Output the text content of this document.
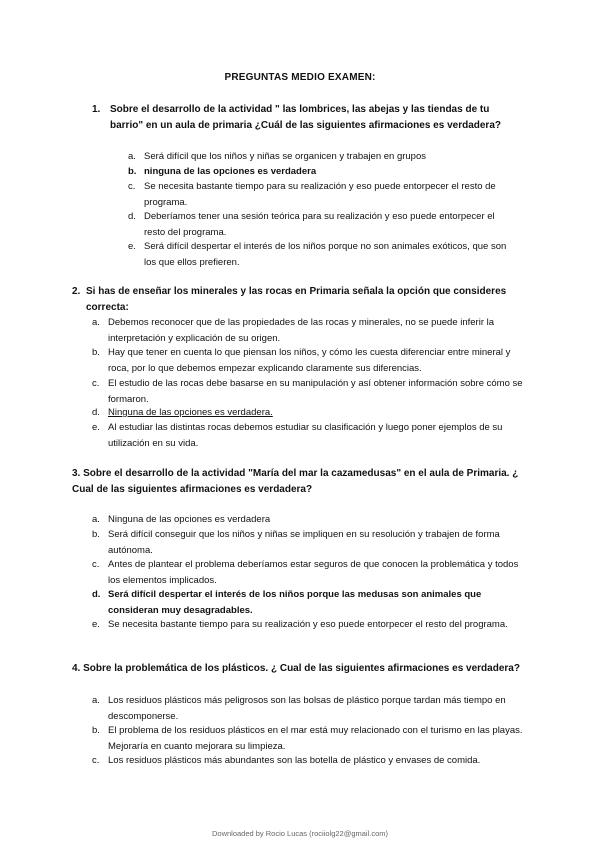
PREGUNTAS MEDIO EXAMEN:
1. Sobre el desarrollo de la actividad " las lombrices, las abejas y las tiendas de tu barrio" en un aula de primaria ¿Cuál de las siguientes afirmaciones es verdadera?
a. Será difícil que los niños y niñas se organicen y trabajen en grupos
b. ninguna de las opciones es verdadera
c. Se necesita bastante tiempo para su realización y eso puede entorpecer el resto de programa.
d. Deberíamos tener una sesión teórica para su realización y eso puede entorpecer el resto del programa.
e. Será difícil despertar el interés de los niños porque no son animales exóticos, que son los que ellos prefieren.
2. Si has de enseñar los minerales y las rocas en Primaria señala la opción que consideres correcta:
a. Debemos reconocer que de las propiedades de las rocas y minerales, no se puede inferir la interpretación y explicación de su origen.
b. Hay que tener en cuenta lo que piensan los niños, y cómo les cuesta diferenciar entre mineral y roca, por lo que debemos empezar explicando claramente sus diferencias.
c. El estudio de las rocas debe basarse en su manipulación y así obtener información sobre cómo se formaron.
d. Ninguna de las opciones es verdadera.
e. Al estudiar las distintas rocas debemos estudiar su clasificación y luego poner ejemplos de su utilización en su vida.
3. Sobre el desarrollo de la actividad "María del mar la cazamedusas" en el aula de Primaria. ¿ Cual de las siguientes afirmaciones es verdadera?
a. Ninguna de las opciones es verdadera
b. Será difícil conseguir que los niños y niñas se impliquen en su resolución y trabajen de forma autónoma.
c. Antes de plantear el problema deberíamos estar seguros de que conocen la problemática y todos los elementos implicados.
d. Será difícil despertar el interés de los niños porque las medusas son animales que consideran muy desagradables.
e. Se necesita bastante tiempo para su realización y eso puede entorpecer el resto del programa.
4. Sobre la problemática de los plásticos. ¿ Cual de las siguientes afirmaciones es verdadera?
a. Los residuos plásticos más peligrosos son las bolsas de plástico porque tardan más tiempo en descomponerse.
b. El problema de los residuos plásticos en el mar está muy relacionado con el turismo en las playas. Mejoraría en cuanto mejorara su limpieza.
c. Los residuos plásticos más abundantes son las botella de plástico y envases de comida.
Downloaded by Rocio Lucas (rociiolg22@gmail.com)
